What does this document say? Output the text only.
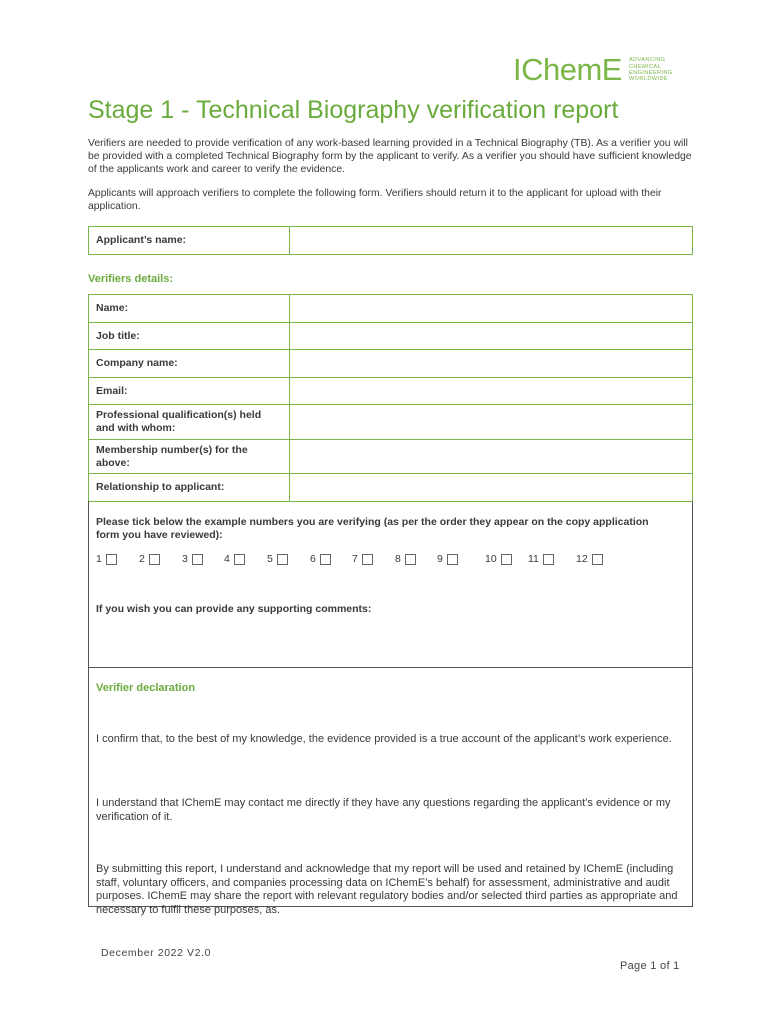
IChemE ADVANCING
CHEMICAL
ENGINEERING
WORLDWIDE
Stage 1 - Technical Biography verification report

Verifiers are needed to provide verification of any work-based learning provided in a Technical Biography (TB). As a verifier you will be provided with a completed Technical Biography form by the applicant to verify. As a verifier you should have sufficient knowledge of the applicants work and career to verify the evidence.

Applicants will approach verifiers to complete the following form. Verifiers should return it to the applicant for upload with their application.

Applicant’s name:	
Verifiers details:
Name:	
Job title:	
Company name:	
Email:	
Professional qualification(s) held and with whom:	
Membership number(s) for the above:	
Relationship to applicant:	

Please tick below the example numbers you are verifying (as per the order they appear on the copy application form you have reviewed):

1	2	3	4	5	6	7	8	9	10	11	12

If you wish you can provide any supporting comments:

Verifier declaration

I confirm that, to the best of my knowledge, the evidence provided is a true account of the applicant’s work experience.

I understand that IChemE may contact me directly if they have any questions regarding the applicant’s evidence or my verification of it.

By submitting this report, I understand and acknowledge that my report will be used and retained by IChemE (including staff, voluntary officers, and companies processing data on IChemE’s behalf) for assessment, administrative and audit purposes. IChemE may share the report with relevant regulatory bodies and/or selected third parties as appropriate and necessary to fulfil these purposes, as.

December 2022 V2.0
Page 1 of 1
